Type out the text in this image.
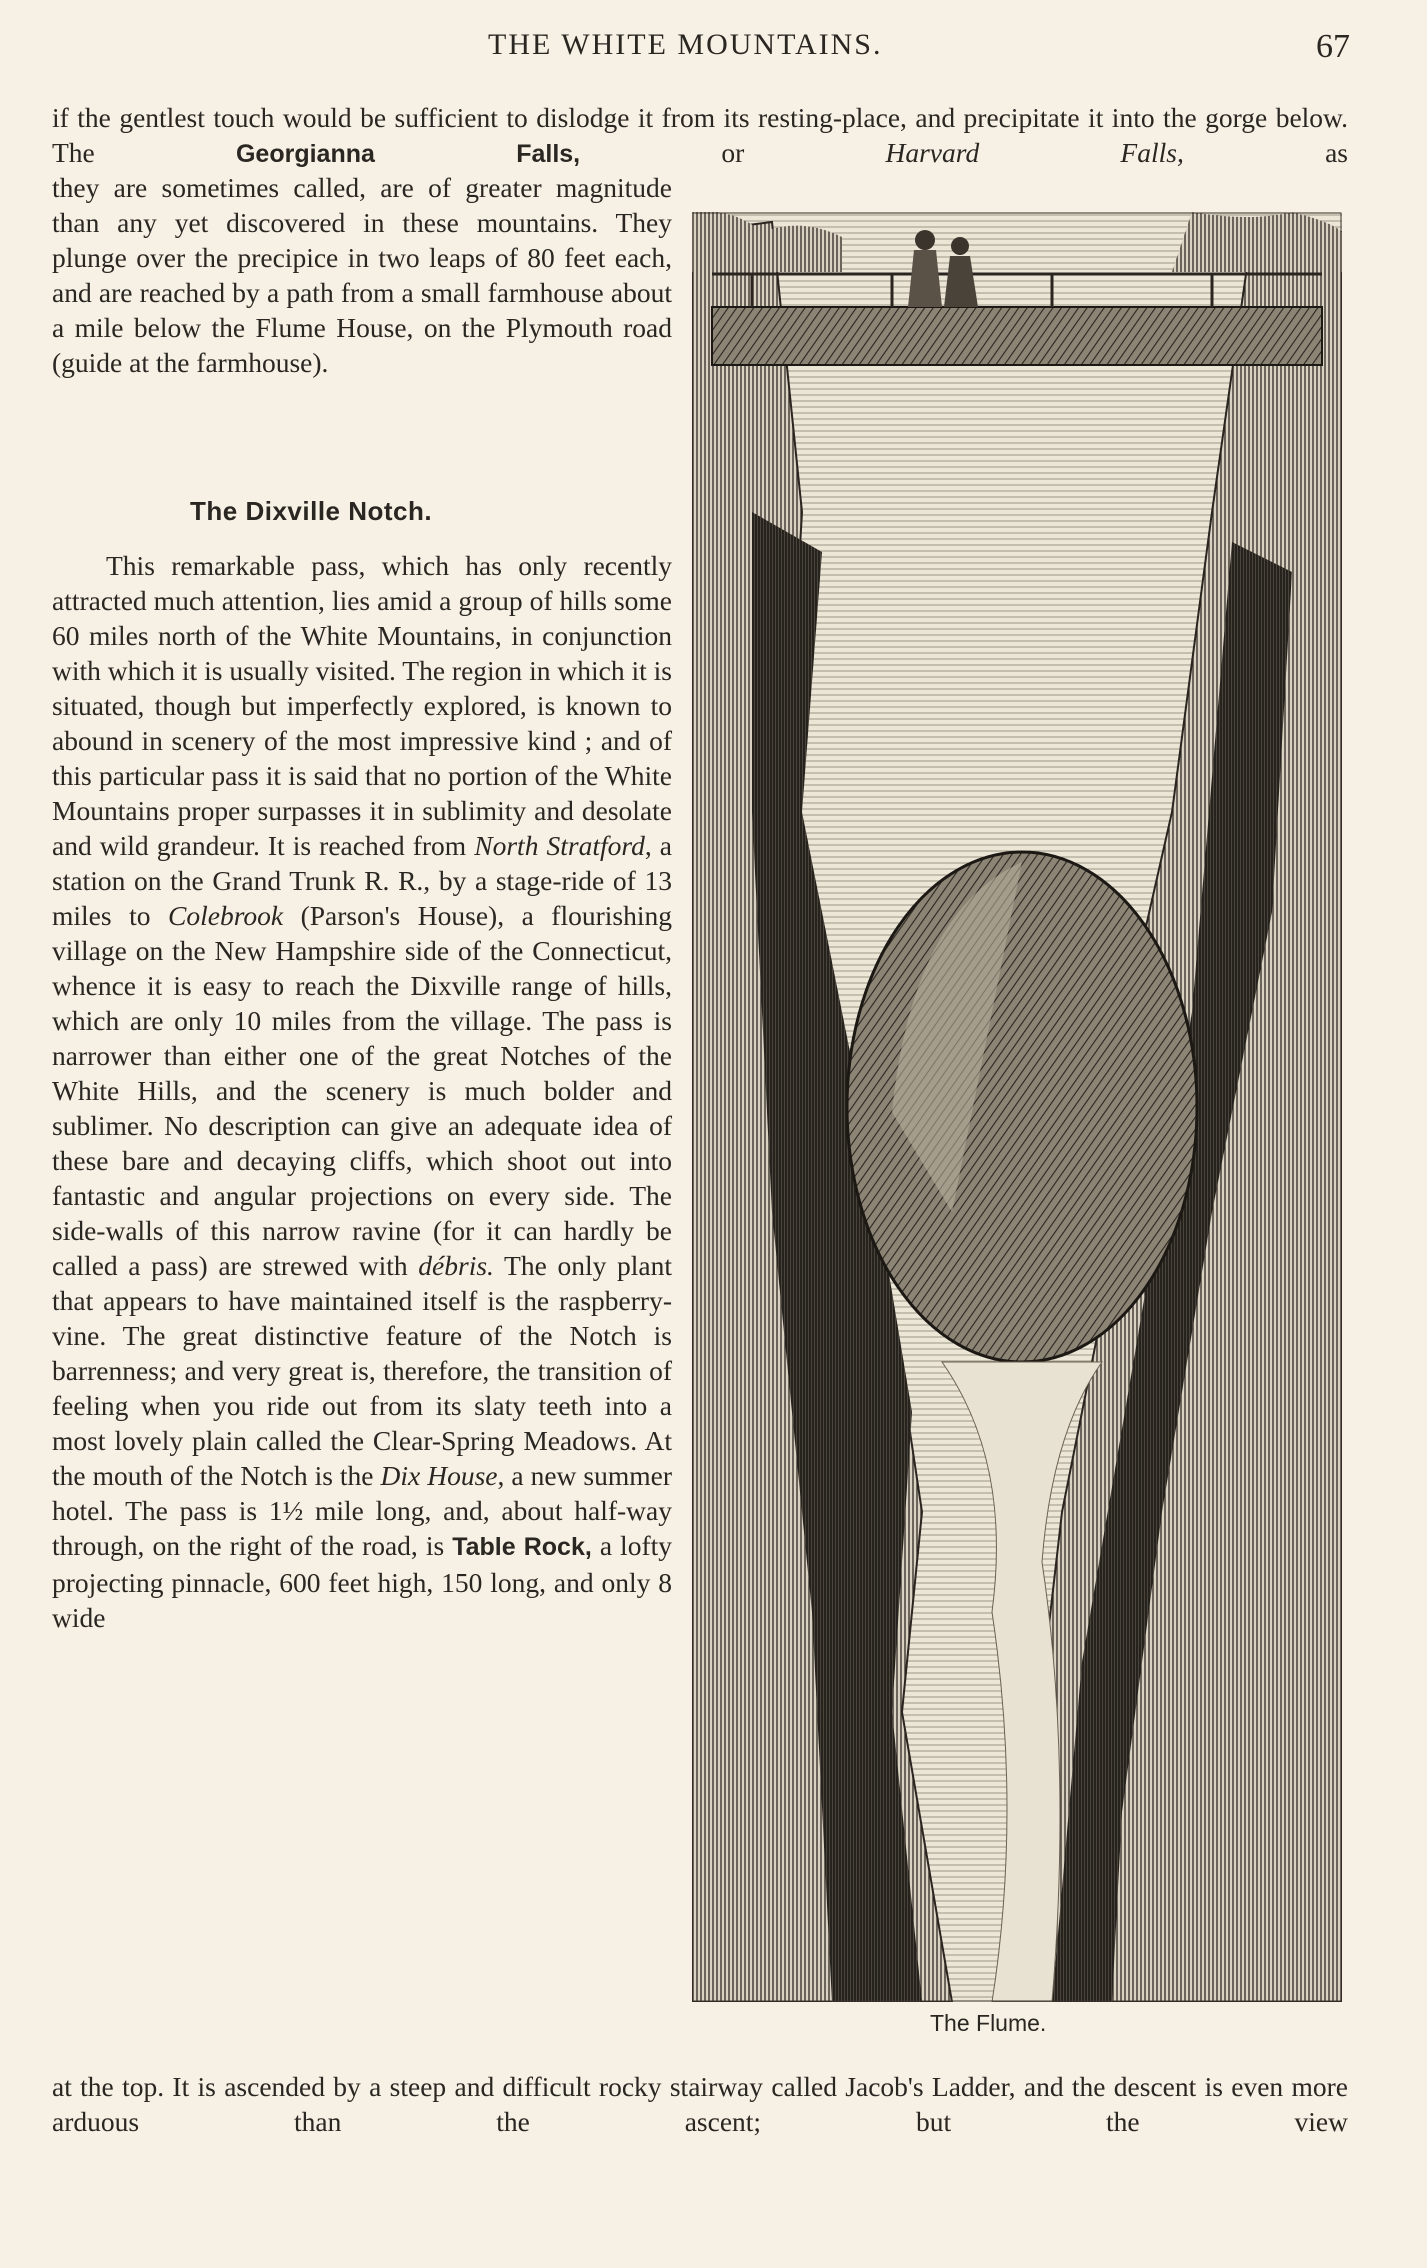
THE WHITE MOUNTAINS.	67

if the gentlest touch would be sufficient to dislodge it from its resting-place, and precipitate it into the gorge below. The Georgianna Falls, or Harvard Falls, as

they are sometimes called, are of greater magnitude than any yet discovered in these mountains. They plunge over the precipice in two leaps of 80 feet each, and are reached by a path from a small farmhouse about a mile below the Flume House, on the Plymouth road (guide at the farmhouse).

The Dixville Notch.

This remarkable pass, which has only recently attracted much attention, lies amid a group of hills some 60 miles north of the White Mountains, in conjunction with which it is usually visited. The region in which it is situated, though but imperfectly explored, is known to abound in scenery of the most impressive kind ; and of this particular pass it is said that no portion of the White Mountains proper surpasses it in sublimity and desolate and wild grandeur. It is reached from North Stratford, a station on the Grand Trunk R. R., by a stage-ride of 13 miles to Colebrook (Parson's House), a flourishing village on the New Hampshire side of the Connecticut, whence it is easy to reach the Dixville range of hills, which are only 10 miles from the village. The pass is narrower than either one of the great Notches of the White Hills, and the scenery is much bolder and sublimer. No description can give an adequate idea of these bare and decaying cliffs, which shoot out into fantastic and angular projections on every side. The side-walls of this narrow ravine (for it can hardly be called a pass) are strewed with débris. The only plant that appears to have maintained itself is the raspberry-vine. The great distinctive feature of the Notch is barrenness; and very great is, therefore, the transition of feeling when you ride out from its slaty teeth into a most lovely plain called the Clear-Spring Meadows. At the mouth of the Notch is the Dix House, a new summer hotel. The pass is 1½ mile long, and, about half-way through, on the right of the road, is Table Rock, a lofty projecting pinnacle, 600 feet high, 150 long, and only 8 wide

at the top. It is ascended by a steep and difficult rocky stairway called Jacob's Ladder, and the descent is even more arduous than the ascent; but the view

The Flume.
